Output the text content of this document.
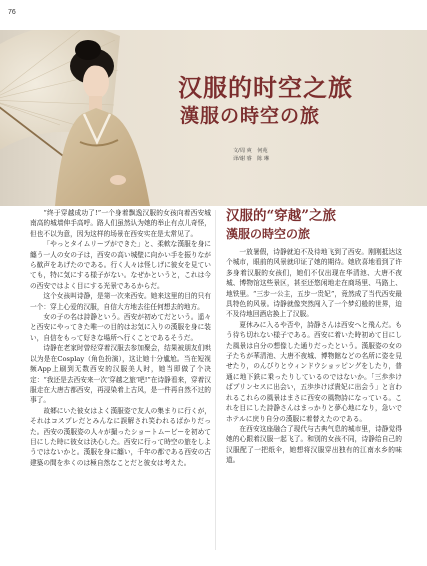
76
汉服的时空之旅
漢服の時空の旅
文/周 爽　何苑
译/谢 睿　陈 琳

“终于穿越成功了!”一个身着飘逸汉服的女孩向着西安城南高的城墙伸手高呼。路人们虽然认为她的举止有点儿奇怪，但也不以为意，因为这样的场景在西安实在是太常见了。

「やっとタイムリープができた」と、柔軟な漢服を身に纏う一人の女の子は，西安の高い城壁に向かい手を振りながら歓声をあげたのである。行く人々は怪しげに彼女を見ていても，特に気にする様子がない。なぜかというと，これは今の西安ではよく目にする光景であるからだ。

这个女孩叫诗静，是第一次来西安。她来这里的目的只有一个：穿上心爱的汉服，自信大方地去往任何想去的地方。

女の子の名は詩静という。西安が初めてだという。遥々と西安にやってきた唯一の目的はお気に入りの漢服を身に装い，自信をもって好きな場所へ行くことであるそうだ。

诗静在老家时曾经穿着汉服去参加聚会，结果被朋友们哄以为是在Cosplay（角色扮演），这让她十分尴尬。当在短视频App上刷到无数西安的汉服美人时，她当即做了个决定：“我还是去西安来一次‘穿越之旅’吧!”在诗静看来，穿着汉服走在大唐古都西安，再浸染着上古风，是一件再自然不过的事了。

故郷にいた彼女はよく漢服姿で友人の集まりに行くが，それはコスプレだとみんなに誤解され笑われるばかりだった。西安の漢服姿の人々が撮ったショートムービーを初めて目にした時に彼女は決心した。西安に行って時空の旅をしようではないかと。漢服を身に纏い，千年の都である西安の古建築の間を歩くのは極自然なことだと彼女は考えた。

汉服的“穿越”之旅

漢服の時空の旅

一放暑假，诗静就迫不及待地飞到了西安。刚刚抵达这个城市，眼前的风景就印证了她的期待。她欣喜地看到了许多身着汉服的女孩们，她们不仅出现在华清池、大唐不夜城、博物馆这些景区，甚至还悠闲地走在商场里、马路上、地铁里。“三步一公主，五步一贵妃”，竟然成了当代西安最具特色的风景。诗静就像突然闯入了一个梦幻般的世界，迫不及待地回酒店换上了汉服。

夏休みに入るや否や，詩静さんは西安へと飛んだ。もう待ち切れない様子である。西安に着いた時初めて目にした風景は自分の想像した通りだったという。漢服姿の女の子たちが華清池、大唐不夜城、博物館などの名所に姿を見せたり，のんびりとウィンドウショッピングをしたり，普通に地下鉄に乗ったりしているのではないか。「三歩歩けばプリンセスに出会い，五歩歩けば貴妃に出会う」と言われるこれらの風景はまさに西安の風物詩になっている。これを目にした詩静さんはまっかりと夢心地になり，急いでホテルに戻り自分の漢服に着替えたのである。

在西安这座融合了现代与古典气息的城市里，诗静觉得她的心跟着汉服一起飞了。和别的女孩不同，诗静给自己的汉服配了一把纸伞，她想将汉服穿出独有的江南水乡的味道。
